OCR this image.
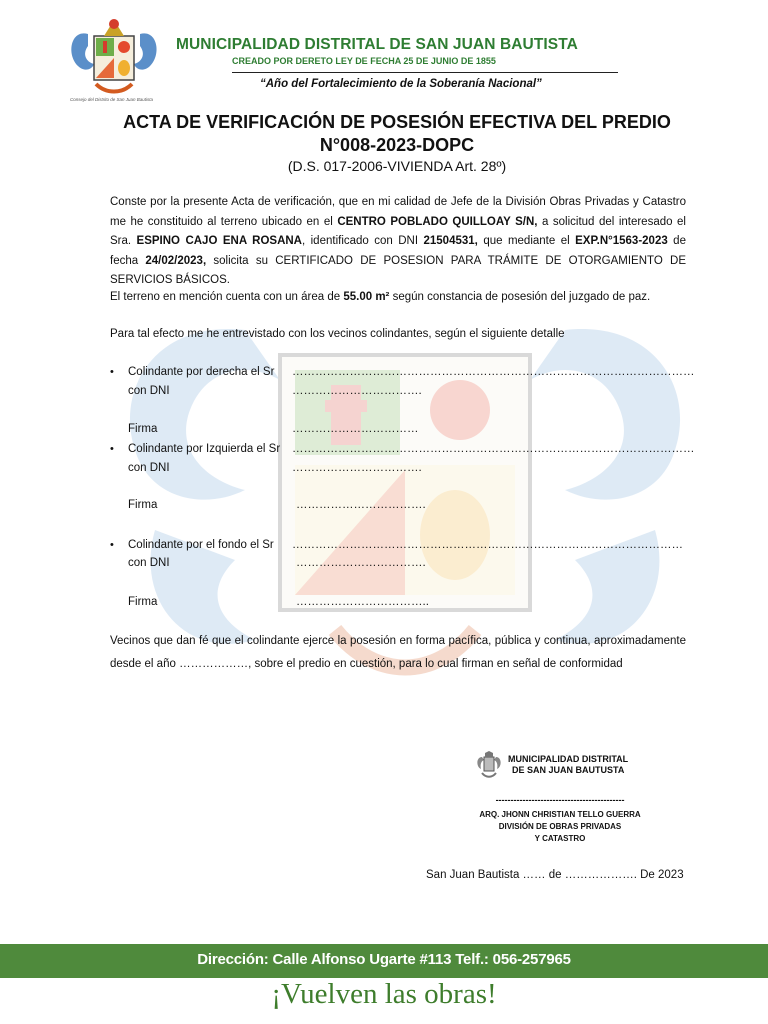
Consejo del Distrito de San Juan Bautista
MUNICIPALIDAD DISTRITAL DE SAN JUAN BAUTISTA
CREADO POR DERETO LEY DE FECHA 25 DE JUNIO DE 1855
“Año del Fortalecimiento de la Soberanía Nacional”
ACTA DE VERIFICACIÓN DE POSESIÓN EFECTIVA DEL PREDIO
N°008-2023-DOPC
(D.S. 017-2006-VIVIENDA Art. 28º)
Conste por la presente Acta de verificación, que en mi calidad de Jefe de la División Obras Privadas y Catastro me he constituido al terreno ubicado en el CENTRO POBLADO QUILLOAY S/N, a solicitud del interesado el Sra. ESPINO CAJO ENA ROSANA, identificado con DNI 21504531, que mediante el EXP.N°1563-2023 de fecha 24/02/2023, solicita su CERTIFICADO DE POSESION PARA TRÁMITE DE OTORGAMIENTO DE SERVICIOS BÁSICOS.
El terreno en mención cuenta con un área de 55.00 m² según constancia de posesión del juzgado de paz.
Para tal efecto me he entrevistado con los vecinos colindantes, según el siguiente detalle
• Colindante por derecha el Sr ……………………………………………………………………………………………
con DNI	…………………………….
Firma	……………………………
• Colindante por Izquierda el Sr ……………………………………………………………………………………………
con DNI	…………………………….
Firma	…………………………….
• Colindante por el fondo el Sr …………………………………………………………………………………………
con DNI	…………………………….
Firma	……………………………..
Vecinos que dan fé que el colindante ejerce la posesión en forma pacífica, pública y continua, aproximadamente desde el año ………………, sobre el predio en cuestión, para lo cual firman en señal de conformidad
MUNICIPALIDAD DISTRITAL
DE SAN JUAN BAUTUSTA
-------------------------------------------
ARQ. JHONN CHRISTIAN TELLO GUERRA
DIVISIÓN DE OBRAS PRIVADAS
Y CATASTRO
San Juan Bautista …… de ………………. De 2023
Dirección: Calle Alfonso Ugarte #113 Telf.: 056-257965
¡Vuelven las obras!
